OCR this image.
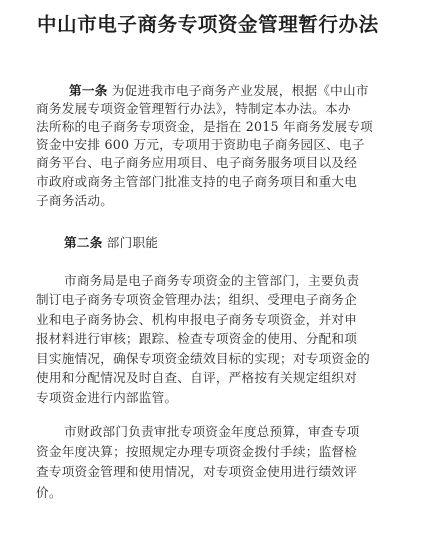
中山市电子商务专项资金管理暂行办法
第一条 为促进我市电子商务产业发展，根据《中山市
商务发展专项资金管理暂行办法》，特制定本办法。本办
法所称的电子商务专项资金，是指在 2015 年商务发展专项
资金中安排 600 万元，专项用于资助电子商务园区、电子
商务平台、电子商务应用项目、电子商务服务项目以及经
市政府或商务主管部门批准支持的电子商务项目和重大电
子商务活动。
第二条 部门职能
市商务局是电子商务专项资金的主管部门，主要负责
制订电子商务专项资金管理办法；组织、受理电子商务企
业和电子商务协会、机构申报电子商务专项资金，并对申
报材料进行审核；跟踪、检查专项资金的使用、分配和项
目实施情况，确保专项资金绩效目标的实现；对专项资金的
使用和分配情况及时自查、自评，严格按有关规定组织对
专项资金进行内部监管。
市财政部门负责审批专项资金年度总预算，审查专项
资金年度决算；按照规定办理专项资金拨付手续；监督检
查专项资金管理和使用情况，对专项资金使用进行绩效评
价。
